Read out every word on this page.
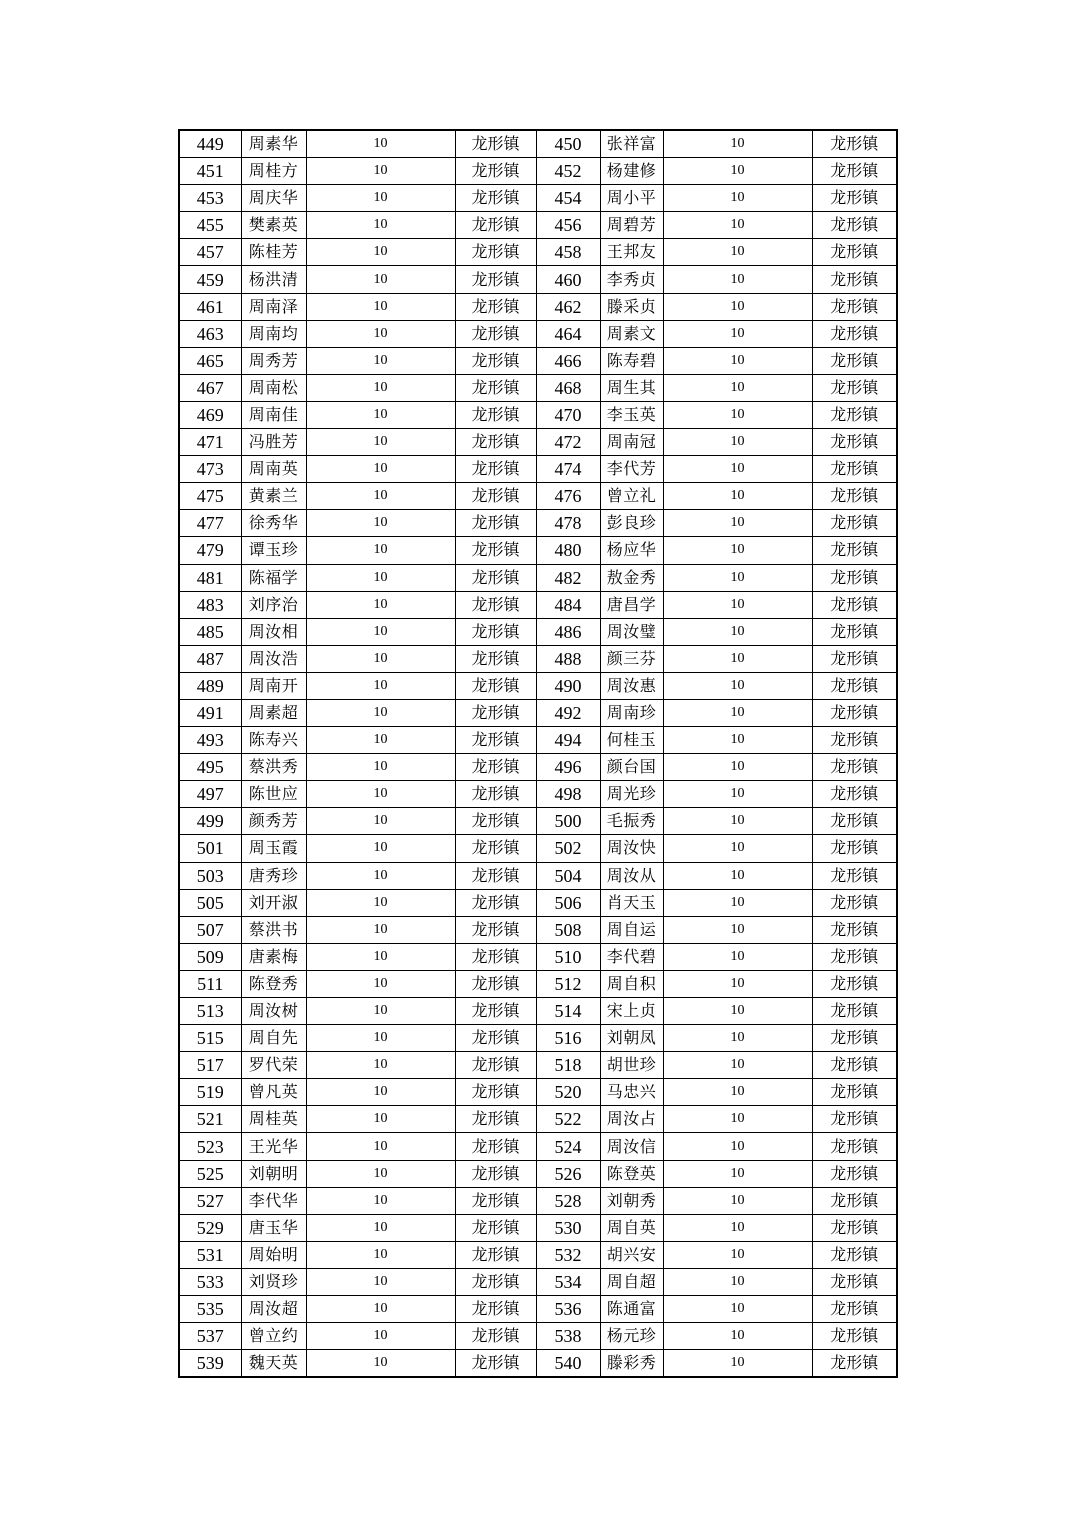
449	周素华	10	龙形镇	450	张祥富	10	龙形镇
451	周桂方	10	龙形镇	452	杨建修	10	龙形镇
453	周庆华	10	龙形镇	454	周小平	10	龙形镇
455	樊素英	10	龙形镇	456	周碧芳	10	龙形镇
457	陈桂芳	10	龙形镇	458	王邦友	10	龙形镇
459	杨洪清	10	龙形镇	460	李秀贞	10	龙形镇
461	周南泽	10	龙形镇	462	滕采贞	10	龙形镇
463	周南均	10	龙形镇	464	周素文	10	龙形镇
465	周秀芳	10	龙形镇	466	陈寿碧	10	龙形镇
467	周南松	10	龙形镇	468	周生其	10	龙形镇
469	周南佳	10	龙形镇	470	李玉英	10	龙形镇
471	冯胜芳	10	龙形镇	472	周南冠	10	龙形镇
473	周南英	10	龙形镇	474	李代芳	10	龙形镇
475	黄素兰	10	龙形镇	476	曾立礼	10	龙形镇
477	徐秀华	10	龙形镇	478	彭良珍	10	龙形镇
479	谭玉珍	10	龙形镇	480	杨应华	10	龙形镇
481	陈福学	10	龙形镇	482	敖金秀	10	龙形镇
483	刘序治	10	龙形镇	484	唐昌学	10	龙形镇
485	周汝相	10	龙形镇	486	周汝璧	10	龙形镇
487	周汝浩	10	龙形镇	488	颜三芬	10	龙形镇
489	周南开	10	龙形镇	490	周汝惠	10	龙形镇
491	周素超	10	龙形镇	492	周南珍	10	龙形镇
493	陈寿兴	10	龙形镇	494	何桂玉	10	龙形镇
495	蔡洪秀	10	龙形镇	496	颜台国	10	龙形镇
497	陈世应	10	龙形镇	498	周光珍	10	龙形镇
499	颜秀芳	10	龙形镇	500	毛振秀	10	龙形镇
501	周玉霞	10	龙形镇	502	周汝快	10	龙形镇
503	唐秀珍	10	龙形镇	504	周汝从	10	龙形镇
505	刘开淑	10	龙形镇	506	肖天玉	10	龙形镇
507	蔡洪书	10	龙形镇	508	周自运	10	龙形镇
509	唐素梅	10	龙形镇	510	李代碧	10	龙形镇
511	陈登秀	10	龙形镇	512	周自积	10	龙形镇
513	周汝树	10	龙形镇	514	宋上贞	10	龙形镇
515	周自先	10	龙形镇	516	刘朝凤	10	龙形镇
517	罗代荣	10	龙形镇	518	胡世珍	10	龙形镇
519	曾凡英	10	龙形镇	520	马忠兴	10	龙形镇
521	周桂英	10	龙形镇	522	周汝占	10	龙形镇
523	王光华	10	龙形镇	524	周汝信	10	龙形镇
525	刘朝明	10	龙形镇	526	陈登英	10	龙形镇
527	李代华	10	龙形镇	528	刘朝秀	10	龙形镇
529	唐玉华	10	龙形镇	530	周自英	10	龙形镇
531	周始明	10	龙形镇	532	胡兴安	10	龙形镇
533	刘贤珍	10	龙形镇	534	周自超	10	龙形镇
535	周汝超	10	龙形镇	536	陈通富	10	龙形镇
537	曾立约	10	龙形镇	538	杨元珍	10	龙形镇
539	魏天英	10	龙形镇	540	滕彩秀	10	龙形镇
